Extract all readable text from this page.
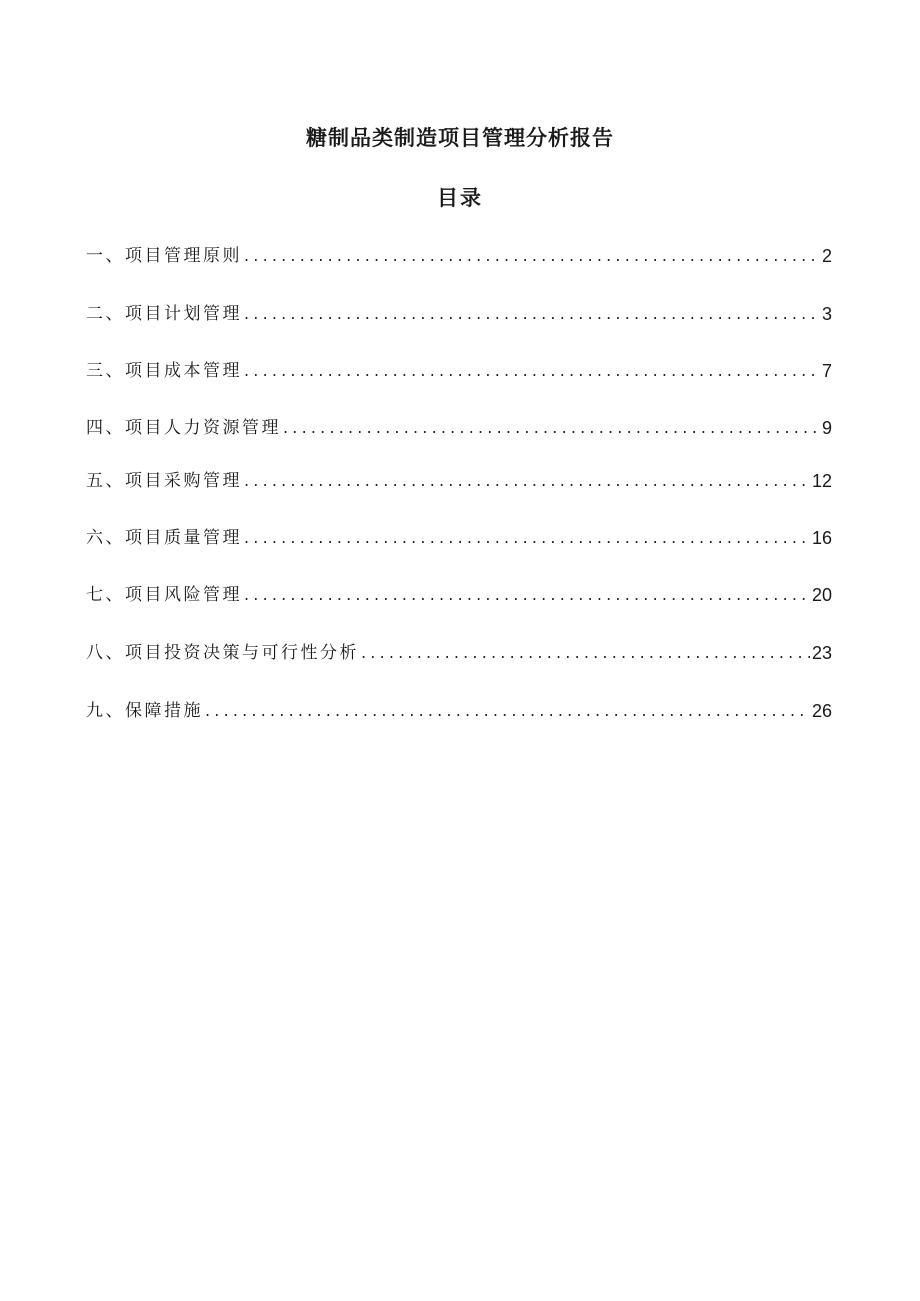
糖制品类制造项目管理分析报告
目录
一、项目管理原则 .....	2
二、项目计划管理 .....	3
三、项目成本管理 .....	7
四、项目人力资源管理 .....	9
五、项目采购管理 .....	12
六、项目质量管理 .....	16
七、项目风险管理 .....	20
八、项目投资决策与可行性分析 .....	23
九、保障措施 .....	26
